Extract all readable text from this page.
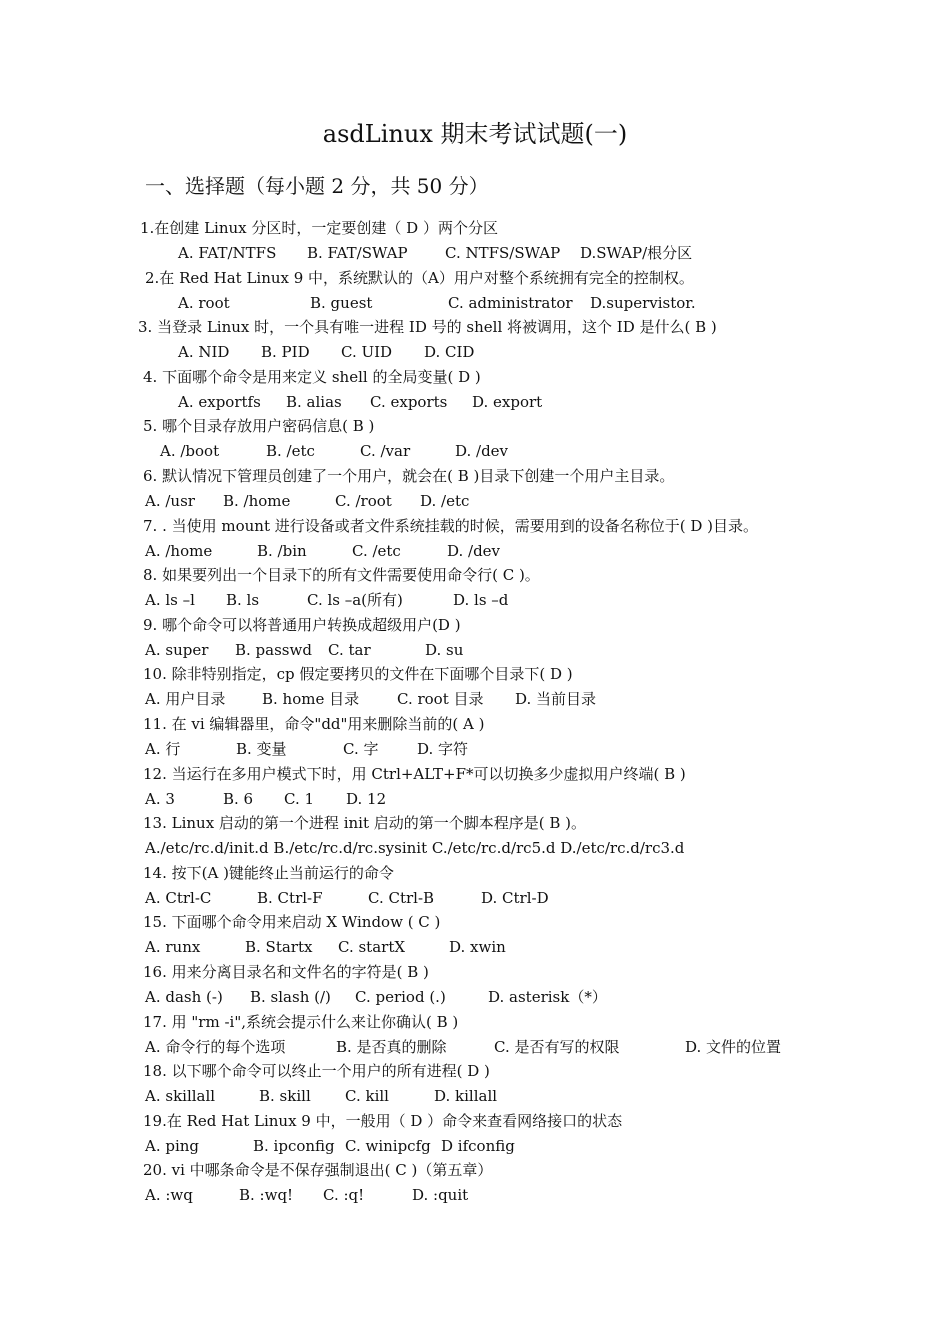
asdLinux 期末考试试题(一)
一、选择题（每小题 2 分，共 50 分）
1.在创建 Linux 分区时，一定要创建（ D ）两个分区
A. FAT/NTFS B. FAT/SWAP C. NTFS/SWAP D.SWAP/根分区
2.在 Red Hat Linux 9 中，系统默认的（A）用户对整个系统拥有完全的控制权。
A. root	B. guest	C. administrator D.supervistor.
3. 当登录 Linux 时，一个具有唯一进程 ID 号的 shell 将被调用，这个 ID 是什么( B )
A. NID B. PID C. UID D. CID
4. 下面哪个命令是用来定义 shell 的全局变量( D )
A. exportfs B. alias C. exports D. export
5. 哪个目录存放用户密码信息( B )
A. /boot	B. /etc	C. /var	D. /dev
6. 默认情况下管理员创建了一个用户，就会在( B )目录下创建一个用户主目录。
A. /usr B. /home	C. /root D. /etc
7. . 当使用 mount 进行设备或者文件系统挂载的时候，需要用到的设备名称位于( D )目录。
A. /home	B. /bin	C. /etc	D. /dev
8. 如果要列出一个目录下的所有文件需要使用命令行( C )。
A. ls –l B. ls	C. ls –a(所有)	D. ls –d
9. 哪个命令可以将普通用户转换成超级用户(D )
A. super B. passwd C. tar	D. su
10. 除非特别指定，cp 假定要拷贝的文件在下面哪个目录下( D )
A. 用户目录 B. home 目录	C. root 目录 D. 当前目录
11. 在 vi 编辑器里，命令"dd"用来删除当前的( A )
A. 行	B. 变量	C. 字	D. 字符
12. 当运行在多用户模式下时，用 Ctrl+ALT+F*可以切换多少虚拟用户终端( B )
A. 3	B. 6 C. 1 D. 12
13. Linux 启动的第一个进程 init 启动的第一个脚本程序是( B )。
A./etc/rc.d/init.d B./etc/rc.d/rc.sysinit C./etc/rc.d/rc5.d D./etc/rc.d/rc3.d
14. 按下(A )键能终止当前运行的命令
A. Ctrl-C	B. Ctrl-F	C. Ctrl-B	D. Ctrl-D
15. 下面哪个命令用来启动 X Window ( C )
A. runx	B. Startx C. startX	D. xwin
16. 用来分离目录名和文件名的字符是( B )
A. dash (-) B. slash (/) C. period (.)	D. asterisk（*）
17. 用 "rm -i",系统会提示什么来让你确认( B )
A. 命令行的每个选项	B. 是否真的删除	C. 是否有写的权限	D. 文件的位置
18. 以下哪个命令可以终止一个用户的所有进程( D )
A. skillall	B. skill C. kill	D. killall
19.在 Red Hat Linux 9 中，一般用（ D ）命令来查看网络接口的状态
A. ping	B. ipconfig C. winipcfg D ifconfig
20. vi 中哪条命令是不保存强制退出( C )（第五章）
A. :wq	B. :wq! C. :q!	D. :quit
